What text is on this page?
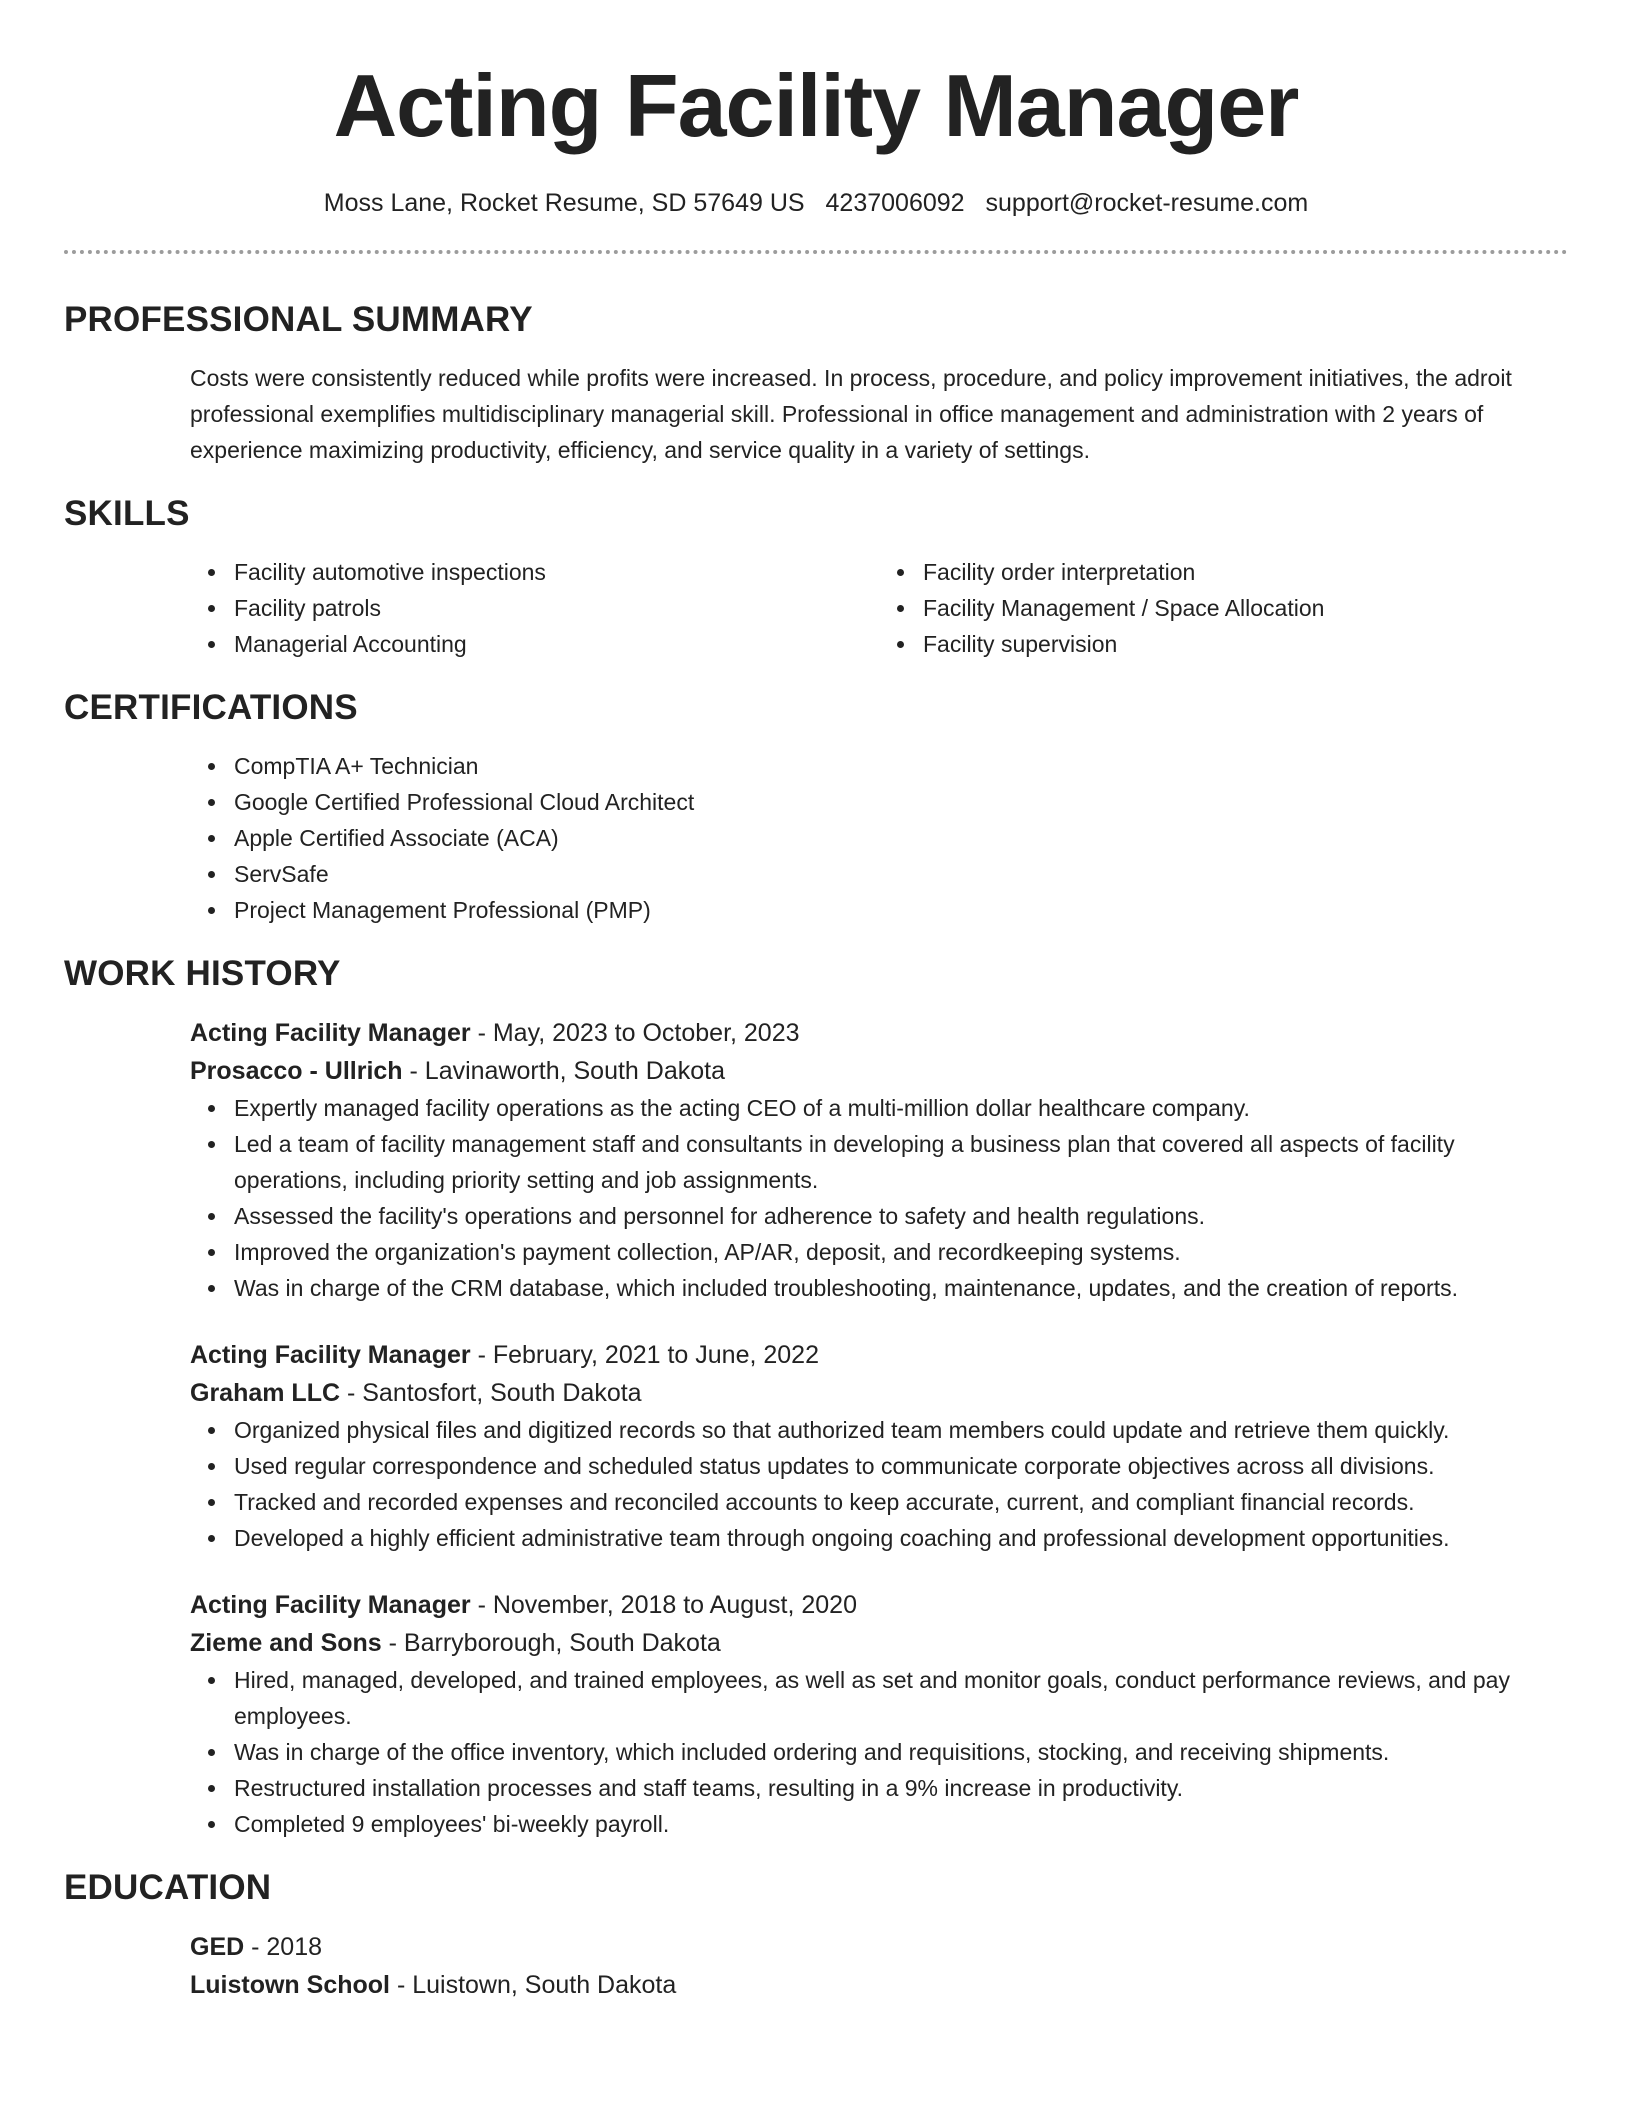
Acting Facility Manager
Moss Lane, Rocket Resume, SD 57649 US 4237006092 support@rocket-resume.com
PROFESSIONAL SUMMARY

Costs were consistently reduced while profits were increased. In process, procedure, and policy improvement initiatives, the adroit professional exemplifies multidisciplinary managerial skill. Professional in office management and administration with 2 years of experience maximizing productivity, efficiency, and service quality in a variety of settings.

SKILLS
Facility automotive inspections
Facility patrols
Managerial Accounting
Facility order interpretation
Facility Management / Space Allocation
Facility supervision
CERTIFICATIONS
CompTIA A+ Technician
Google Certified Professional Cloud Architect
Apple Certified Associate (ACA)
ServSafe
Project Management Professional (PMP)
WORK HISTORY
Acting Facility Manager - May, 2023 to October, 2023
Prosacco - Ullrich - Lavinaworth, South Dakota
Expertly managed facility operations as the acting CEO of a multi-million dollar healthcare company.
Led a team of facility management staff and consultants in developing a business plan that covered all aspects of facility operations, including priority setting and job assignments.
Assessed the facility's operations and personnel for adherence to safety and health regulations.
Improved the organization's payment collection, AP/AR, deposit, and recordkeeping systems.
Was in charge of the CRM database, which included troubleshooting, maintenance, updates, and the creation of reports.
Acting Facility Manager - February, 2021 to June, 2022
Graham LLC - Santosfort, South Dakota
Organized physical files and digitized records so that authorized team members could update and retrieve them quickly.
Used regular correspondence and scheduled status updates to communicate corporate objectives across all divisions.
Tracked and recorded expenses and reconciled accounts to keep accurate, current, and compliant financial records.
Developed a highly efficient administrative team through ongoing coaching and professional development opportunities.
Acting Facility Manager - November, 2018 to August, 2020
Zieme and Sons - Barryborough, South Dakota
Hired, managed, developed, and trained employees, as well as set and monitor goals, conduct performance reviews, and pay employees.
Was in charge of the office inventory, which included ordering and requisitions, stocking, and receiving shipments.
Restructured installation processes and staff teams, resulting in a 9% increase in productivity.
Completed 9 employees' bi-weekly payroll.
EDUCATION
GED - 2018
Luistown School - Luistown, South Dakota
